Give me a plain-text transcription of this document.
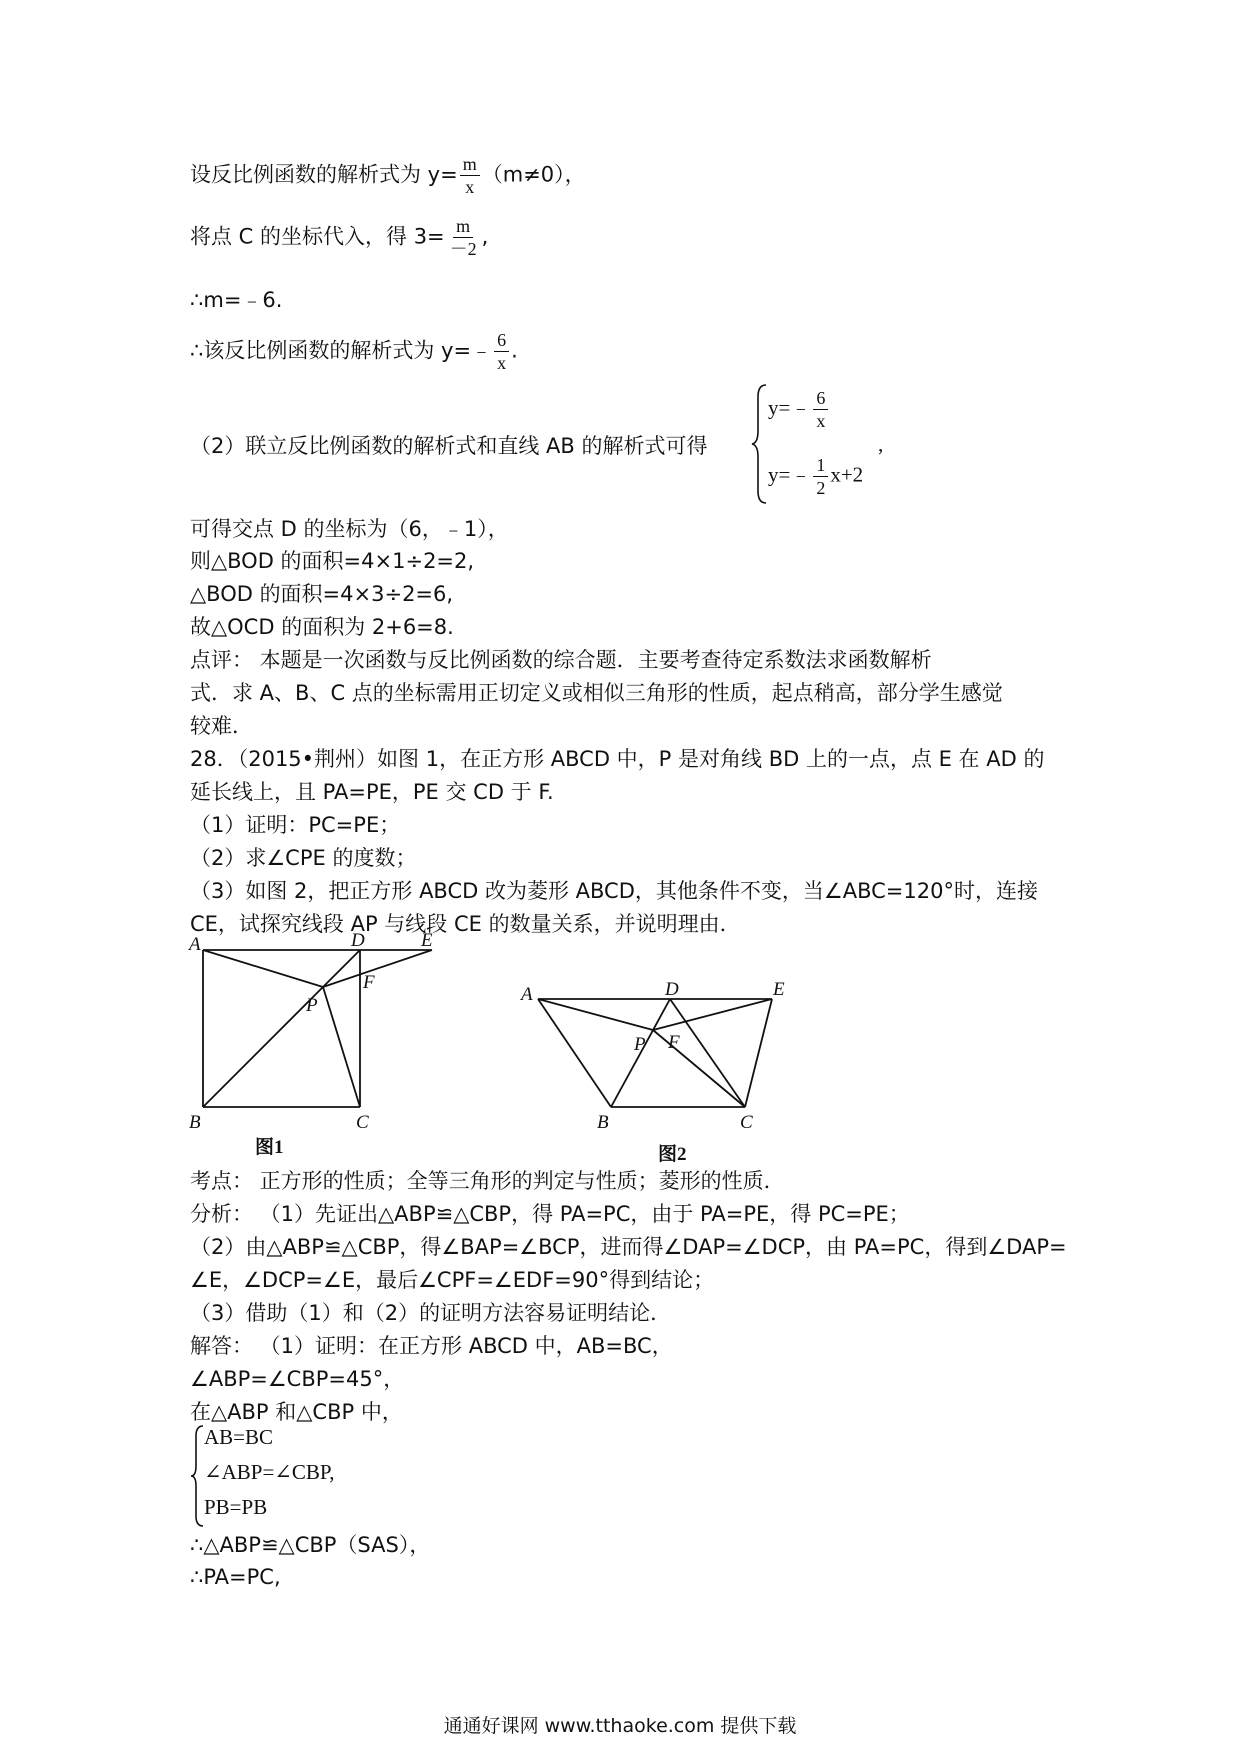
设反比例函数的解析式为 $y= \frac{m}{x} (m\ne 0)$，
将点 C 的坐标代入，得 $3= \frac{m}{-2}$ ,
∴m=﹣6.
∴该反比例函数的解析式为 y=﹣ $\frac{6}{x}$ .
（2）联立反比例函数的解析式和直线 AB 的解析式可得
y=﹣ $\frac{6}{x}$
y=﹣ $\frac{1}{2} x+2$
,
可得交点 D 的坐标为（6，﹣1），
则△BOD 的面积=4×1÷2=2,
△BOD 的面积=4×3÷2=6,
故△OCD 的面积为 2+6=8.
点评： 本题是一次函数与反比例函数的综合题．主要考查待定系数法求函数解析
式．求 A、B、C 点的坐标需用正切定义或相似三角形的性质，起点稍高，部分学生感觉
较难．
28．（2015•荆州）如图 1，在正方形 ABCD 中，P 是对角线 BD 上的一点，点 E 在 AD 的
延长线上，且 PA=PE，PE 交 CD 于 F.
（1）证明：PC=PE；
（2）求∠CPE 的度数；
（3）如图 2，把正方形 ABCD 改为菱形 ABCD，其他条件不变，当∠ABC=120°时，连接
CE，试探究线段 AP 与线段 CE 的数量关系，并说明理由．
A	D	E
F
P
B	C
图1
A	D	E
P F
B	C
图2
考点： 正方形的性质；全等三角形的判定与性质；菱形的性质．
分析： （1）先证出△ABP≌△CBP，得 PA=PC，由于 PA=PE，得 PC=PE；
（2）由△ABP≌△CBP，得∠BAP=∠BCP，进而得∠DAP=∠DCP，由 PA=PC，得到∠DAP=
∠E，∠DCP=∠E，最后∠CPF=∠EDF=90°得到结论；
（3）借助（1）和（2）的证明方法容易证明结论．
解答： （1）证明：在正方形 ABCD 中，AB=BC，
∠ABP=∠CBP=45°，
在△ABP 和△CBP 中，
AB=BC
∠ABP=∠CBP,
PB=PB
∴△ABP≌△CBP（SAS），
∴PA=PC,
通通好课网 www.tthaoke.com 提供下载
